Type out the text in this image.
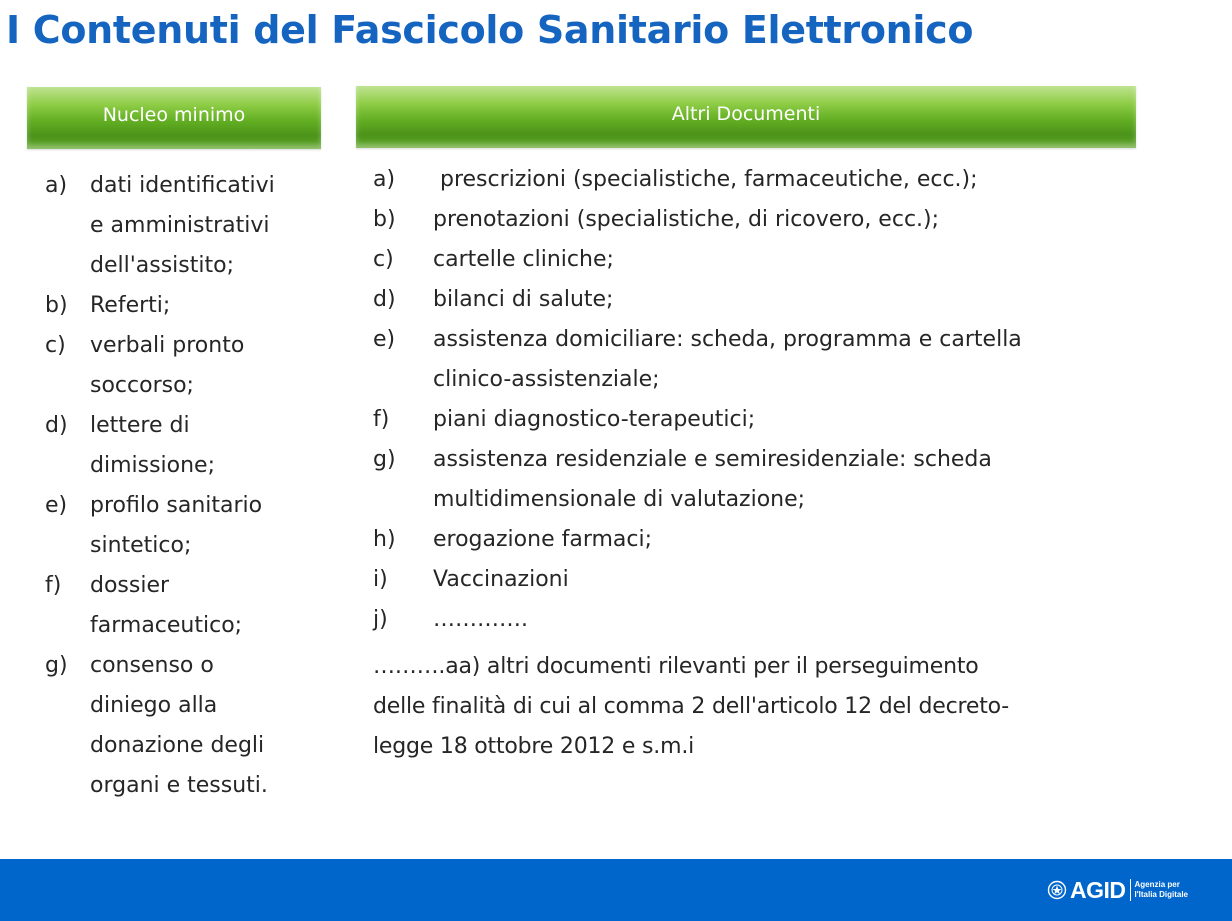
I Contenuti del Fascicolo Sanitario Elettronico
Nucleo minimo	Altri Documenti
a)	dati identificativi
e amministrativi
dell'assistito;
b)	Referti;
c)	verbali pronto
soccorso;
d)	lettere di
dimissione;
e)	profilo sanitario
sintetico;
f)	dossier
farmaceutico;
g)	consenso o
diniego alla
donazione degli
organi e tessuti.
a)	prescrizioni (specialistiche, farmaceutiche, ecc.);
b)	prenotazioni (specialistiche, di ricovero, ecc.);
c)	cartelle cliniche;
d)	bilanci di salute;
e)	assistenza domiciliare: scheda, programma e cartella
clinico-assistenziale;
f)	piani diagnostico-terapeutici;
g)	assistenza residenziale e semiresidenziale: scheda
multidimensionale di valutazione;
h)	erogazione farmaci;
i)	Vaccinazioni
j)	………….

……….aa) altri documenti rilevanti per il perseguimento
delle finalità di cui al comma 2 dell'articolo 12 del decreto-
legge 18 ottobre 2012 e s.m.i

AGID Agenzia per
l'Italia Digitale
